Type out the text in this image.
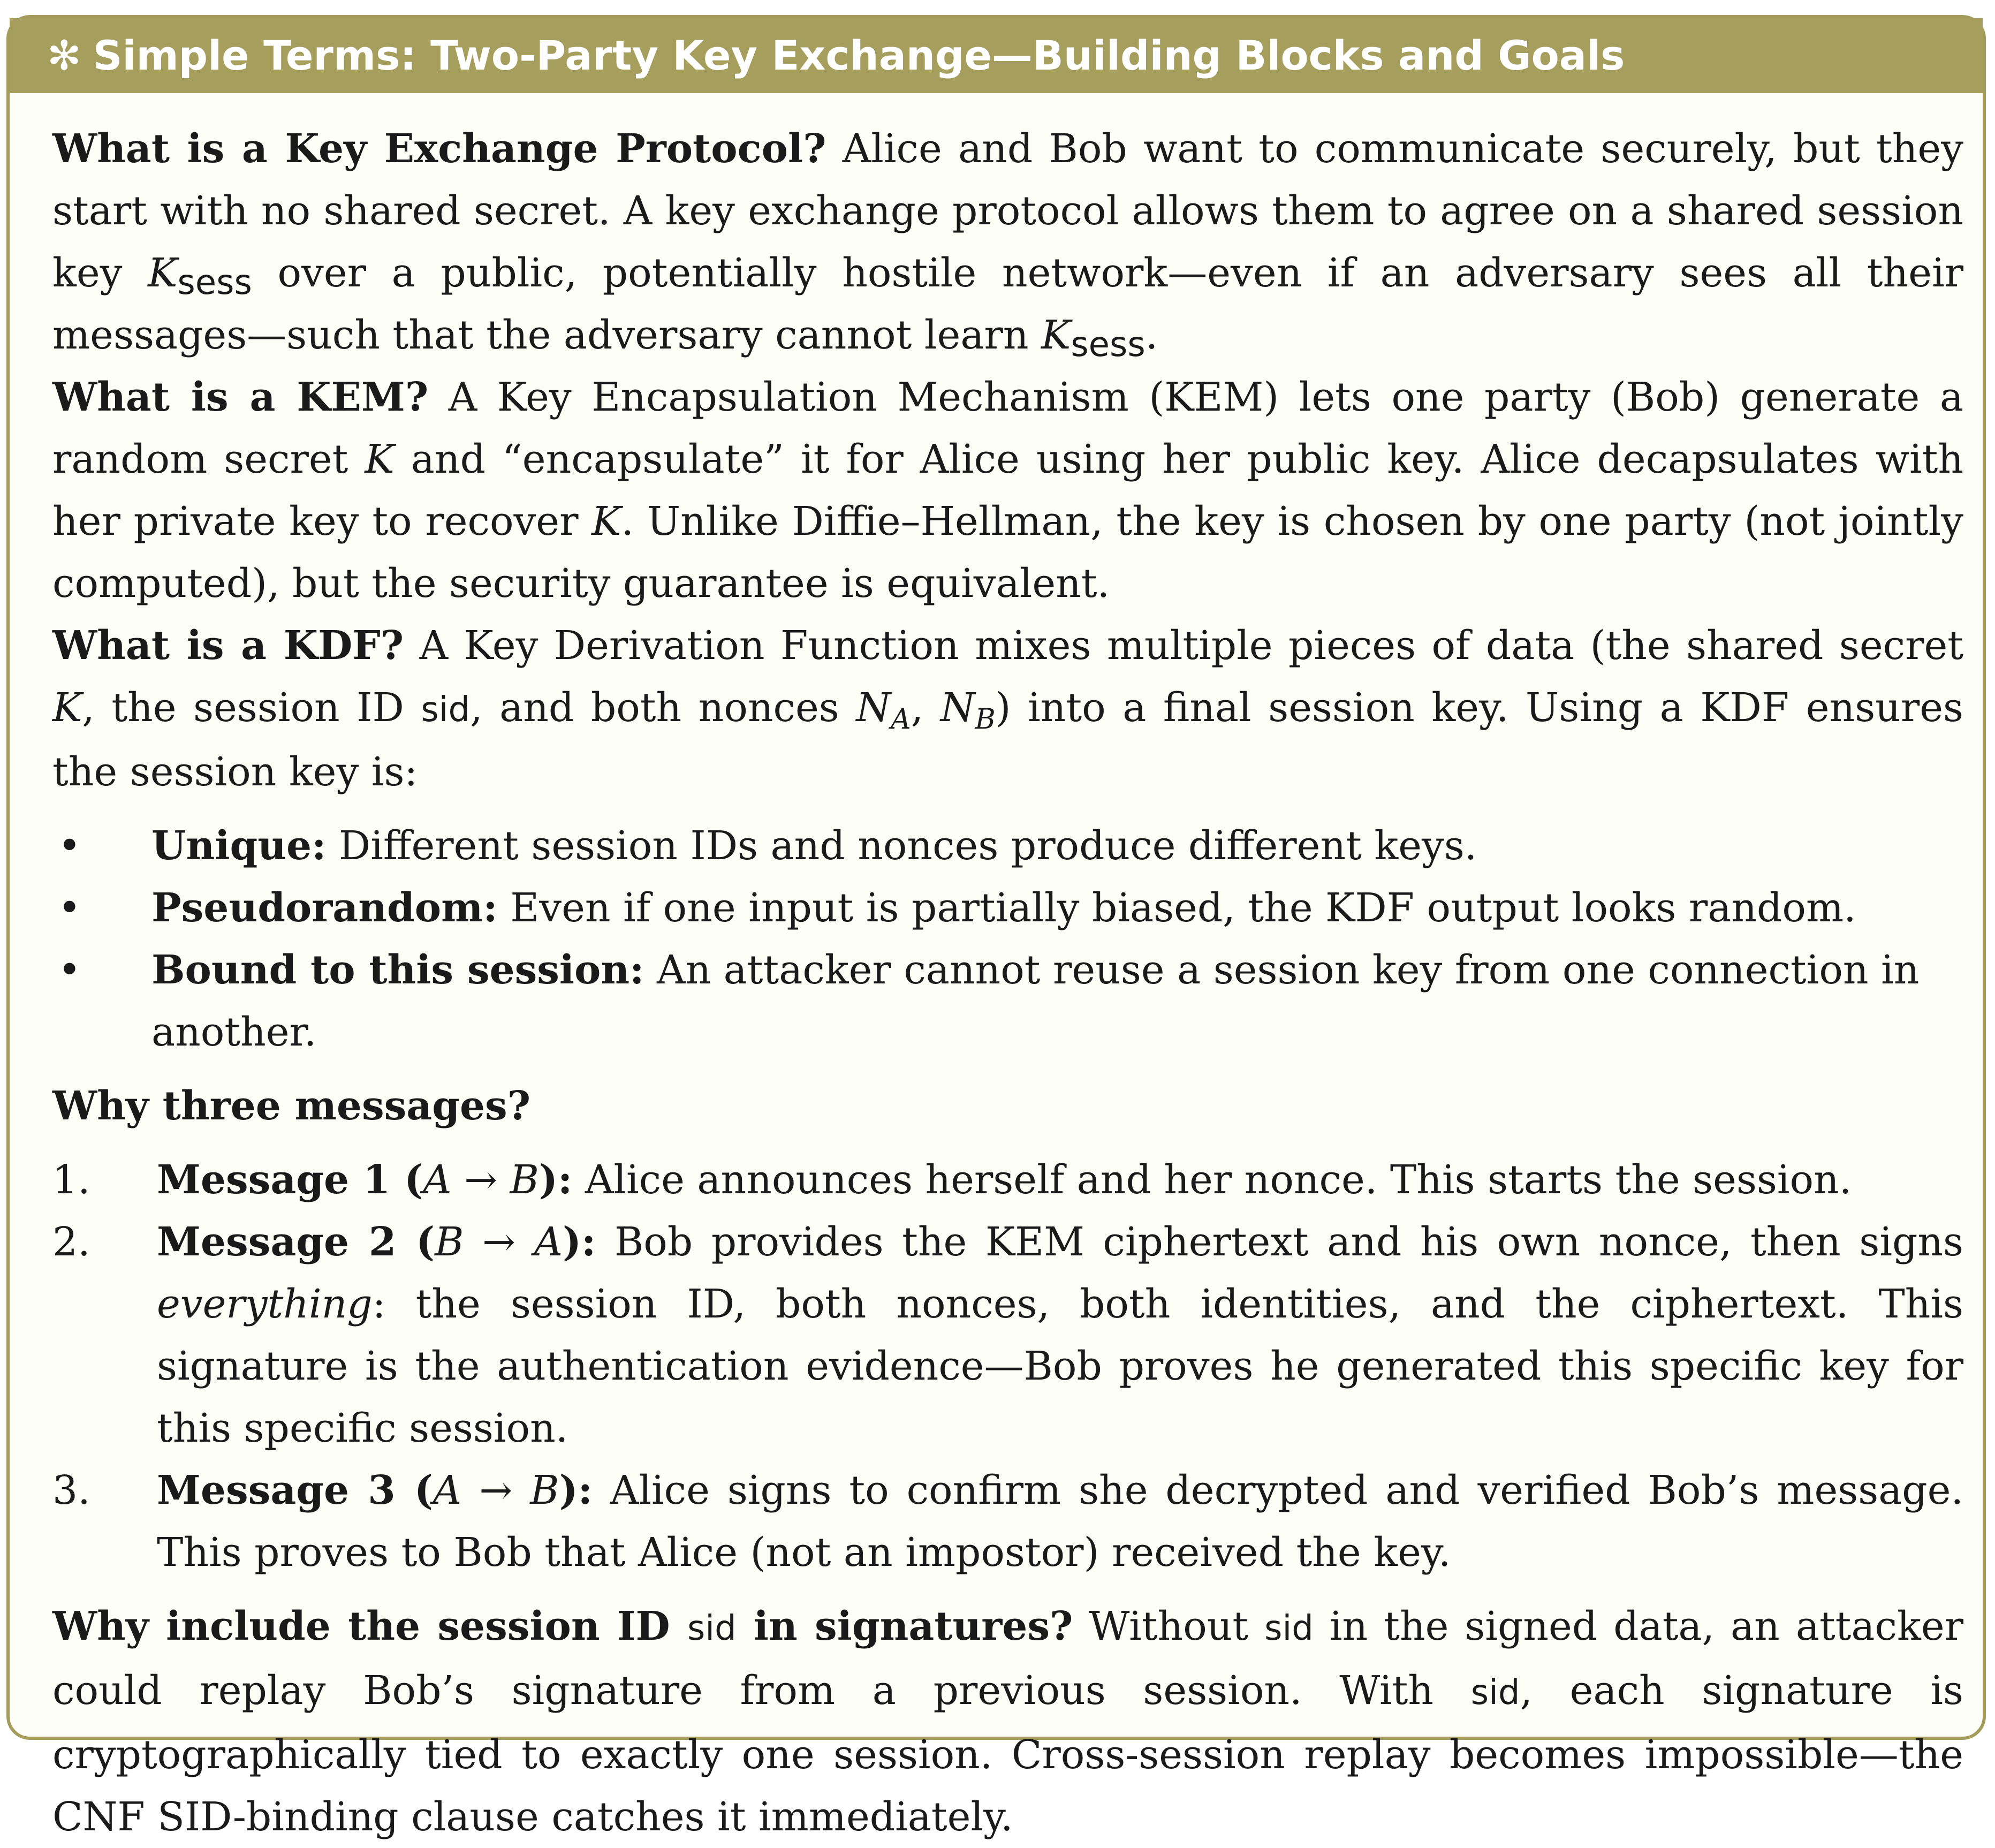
✻ Simple Terms: Two-Party Key Exchange—Building Blocks and Goals

What is a Key Exchange Protocol? Alice and Bob want to communicate securely, but they start with no shared secret. A key exchange protocol allows them to agree on a shared session key $K_{sess}$ over a public, potentially hostile network—even if an adversary sees all their messages—such that the adversary cannot learn $K_{sess}$.

What is a KEM? A Key Encapsulation Mechanism (KEM) lets one party (Bob) generate a random secret K and “encapsulate” it for Alice using her public key. Alice decapsulates with her private key to recover K. Unlike Diffie–Hellman, the key is chosen by one party (not jointly computed), but the security guarantee is equivalent.

What is a KDF? A Key Derivation Function mixes multiple pieces of data (the shared secret K, the session ID sid, and both nonces $N_A$, $N_B$) into a final session key. Using a KDF ensures the session key is:

• Unique: Different session IDs and nonces produce different keys.
• Pseudorandom: Even if one input is partially biased, the KDF output looks random.
• Bound to this session: An attacker cannot reuse a session key from one connection in another.
Why three messages?
1. Message 1 (A → B): Alice announces herself and her nonce. This starts the session.
2. Message 2 (B → A): Bob provides the KEM ciphertext and his own nonce, then signs everything: the session ID, both nonces, both identities, and the ciphertext. This signature is the authentication evidence—Bob proves he generated this specific key for this specific session.
3. Message 3 (A → B): Alice signs to confirm she decrypted and verified Bob’s message. This proves to Bob that Alice (not an impostor) received the key.

Why include the session ID sid in signatures? Without sid in the signed data, an attacker could replay Bob’s signature from a previous session. With sid, each signature is cryptographically tied to exactly one session. Cross-session replay becomes impossible—the CNF SID-binding clause catches it immediately.
